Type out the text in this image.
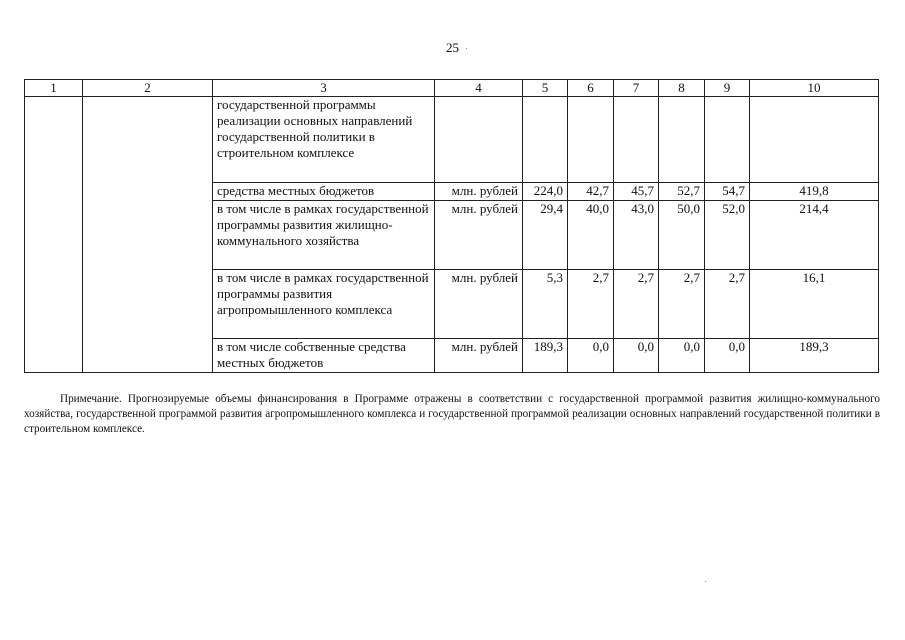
25
1	2	3	4	5	6	7	8	9	10
		государственной программы реализации основных направлений государственной политики в строительном комплексе							
		средства местных бюджетов	млн. рублей	224,0	42,7	45,7	52,7	54,7	419,8
		в том числе в рамках государственной программы развития жилищно-коммунального хозяйства	млн. рублей	29,4	40,0	43,0	50,0	52,0	214,4
		в том числе в рамках государственной программы развития агропромышленного комплекса	млн. рублей	5,3	2,7	2,7	2,7	2,7	16,1
		в том числе собственные средства местных бюджетов	млн. рублей	189,3	0,0	0,0	0,0	0,0	189,3
Примечание. Прогнозируемые объемы финансирования в Программе отражены в соответствии с государственной программой развития жилищно-коммунального хозяйства, государственной программой развития агропромышленного комплекса и государственной программой реализации основных направлений государственной политики в строительном комплексе.
